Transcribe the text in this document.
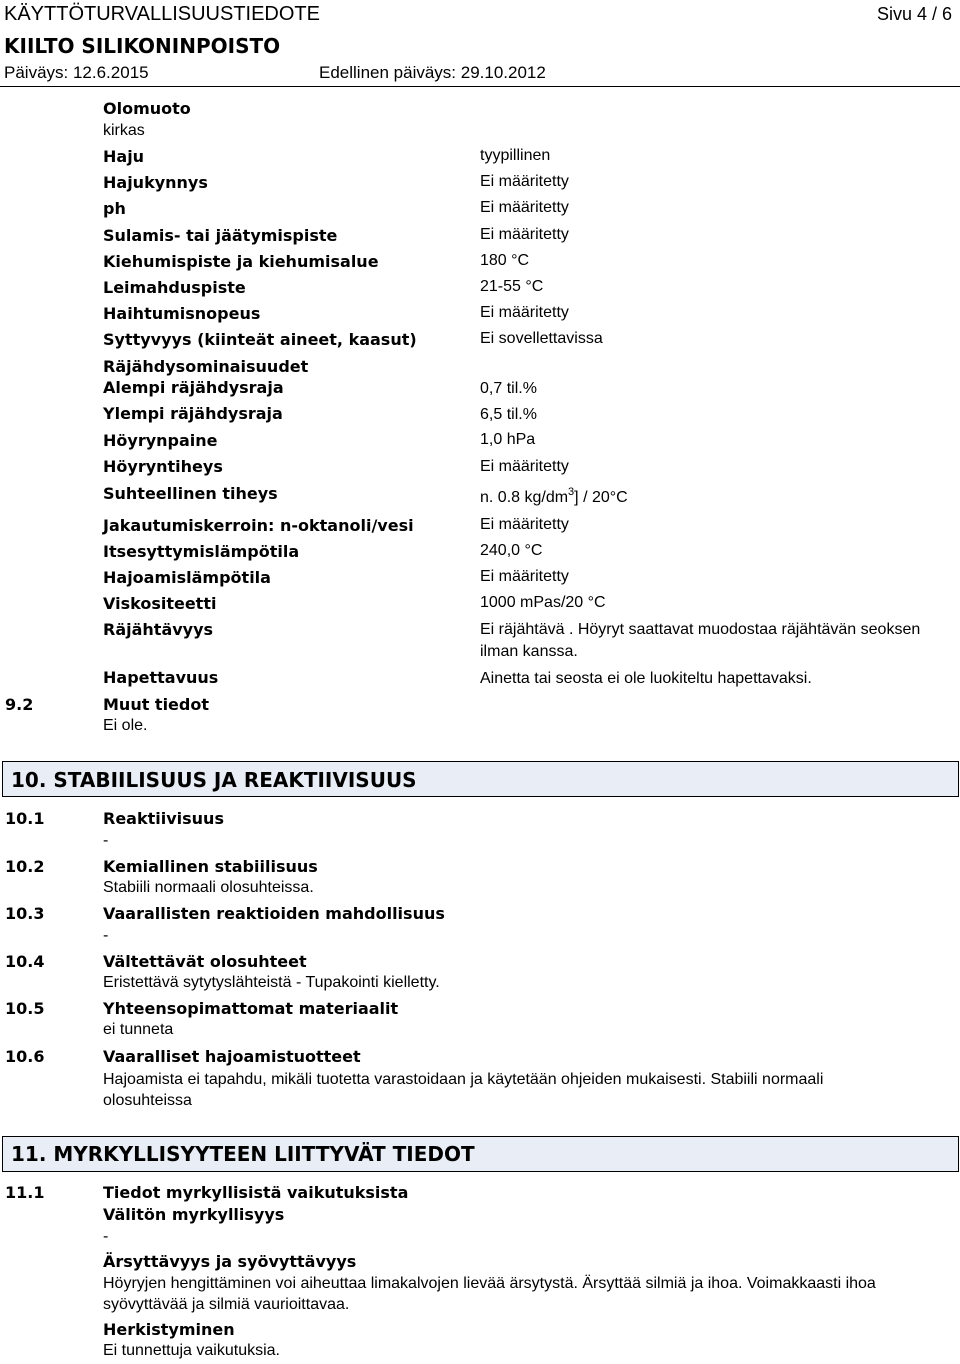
KÄYTTÖTURVALLISUUSTIEDOTE	Sivu 4 / 6
KIILTO SILIKONINPOISTO
Päiväys: 12.6.2015	Edellinen päiväys: 29.10.2012
Olomuoto
kirkas
Haju	tyypillinen
Hajukynnys	Ei määritetty
ph	Ei määritetty
Sulamis- tai jäätymispiste	Ei määritetty
Kiehumispiste ja kiehumisalue	180 °C
Leimahduspiste	21-55 °C
Haihtumisnopeus	Ei määritetty
Syttyvyys (kiinteät aineet, kaasut)	Ei sovellettavissa
Räjähdysominaisuudet
Alempi räjähdysraja	0,7 til.%
Ylempi räjähdysraja	6,5 til.%
Höyrynpaine	1,0 hPa
Höyryntiheys	Ei määritetty
Suhteellinen tiheys	n. 0.8 $kg/dm^3] / 20^\circ C$
Jakautumiskerroin: n-oktanoli/vesi	Ei määritetty
Itsesyttymislämpötila	240,0 °C
Hajoamislämpötila	Ei määritetty
Viskositeetti	1000 mPas/20 °C
Räjähtävyys	Ei räjähtävä . Höyryt saattavat muodostaa räjähtävän seoksen
ilman kanssa.
Hapettavuus	Ainetta tai seosta ei ole luokiteltu hapettavaksi.
9.2	Muut tiedot
Ei ole.
10. STABIILISUUS JA REAKTIIVISUUS
10.1	Reaktiivisuus
-
10.2	Kemiallinen stabiilisuus
Stabiili normaali olosuhteissa.
10.3	Vaarallisten reaktioiden mahdollisuus
-
10.4	Vältettävät olosuhteet
Eristettävä sytytyslähteistä - Tupakointi kielletty.
10.5	Yhteensopimattomat materiaalit
ei tunneta
10.6	Vaaralliset hajoamistuotteet
Hajoamista ei tapahdu, mikäli tuotetta varastoidaan ja käytetään ohjeiden mukaisesti. Stabiili normaali olosuhteissa
11. MYRKYLLISYYTEEN LIITTYVÄT TIEDOT
11.1	Tiedot myrkyllisistä vaikutuksista
Välitön myrkyllisyys
-
Ärsyttävyys ja syövyttävyys
Höyryjen hengittäminen voi aiheuttaa limakalvojen lievää ärsytystä. Ärsyttää silmiä ja ihoa. Voimakkaasti ihoa syövyttävää ja silmiä vaurioittavaa.
Herkistyminen
Ei tunnettuja vaikutuksia.
